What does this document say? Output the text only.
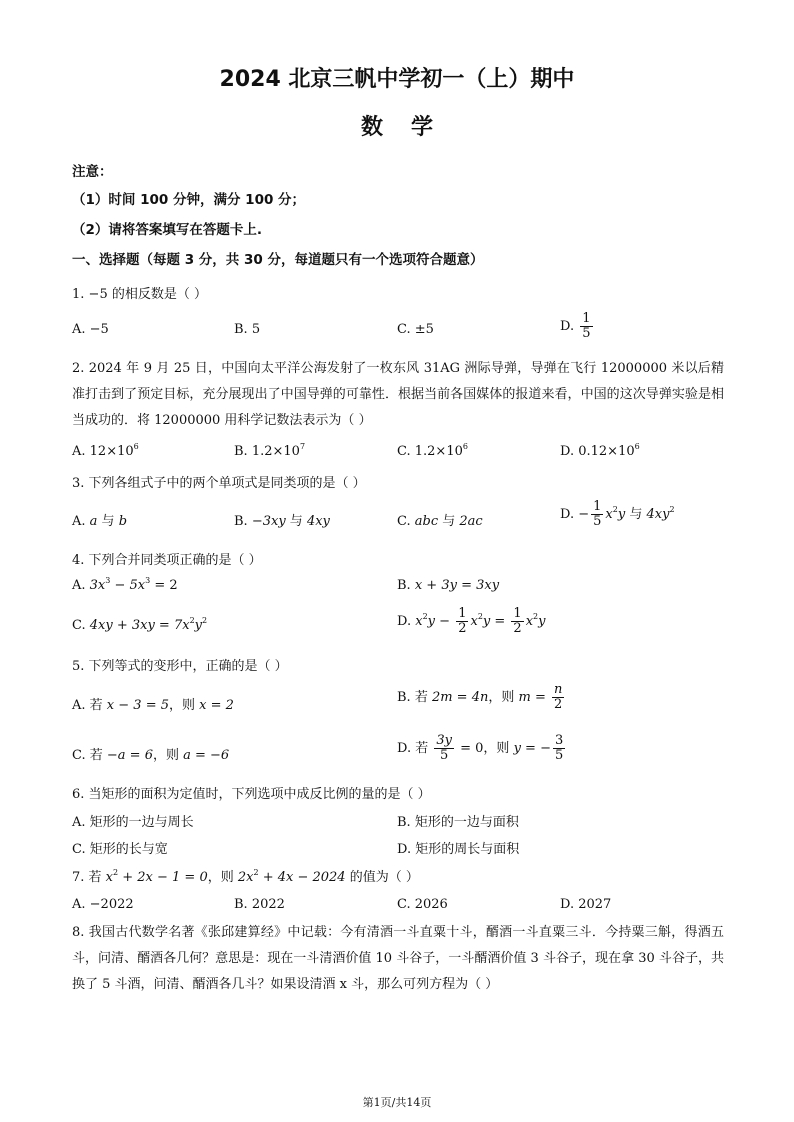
2024 北京三帆中学初一（上）期中
数学
注意：
（1）时间 100 分钟，满分 100 分；
（2）请将答案填写在答题卡上.
一、选择题（每题 3 分，共 30 分，每道题只有一个选项符合题意）
1. −5 的相反数是（ ）
A. −5	B. 5	C. ±5	D. $\frac{1}{5}$
2. 2024 年 9 月 25 日，中国向太平洋公海发射了一枚东风 31AG 洲际导弹，导弹在飞行 12000000 米以后精准打击到了预定目标，充分展现出了中国导弹的可靠性．根据当前各国媒体的报道来看，中国的这次导弹实验是相当成功的．将 12000000 用科学记数法表示为（ ）
A. $12\times 10^6$	B. $1.2\times 10^7$	C. $1.2\times 10^6$	D. $0.12\times 10^6$
3. 下列各组式子中的两个单项式是同类项的是（ ）
A. a 与 b	B. −3xy 与 4xy	C. abc 与 2ac	D. − $\frac{1}{5} x^2y$ 与 $4xy^2$
4. 下列合并同类项正确的是（ ）
A. $3x^3 - 5x^3 = 2$	B. x + 3y = 3xy
C. $4xy + 3xy = 7x^2y^2$	D. $x^2y - \frac{1}{2} x^2y = \frac{1}{2} x^2y$
5. 下列等式的变形中，正确的是（ ）
A. 若 x − 3 = 5，则 x = 2
B. 若 2m = 4n，则 $m = \frac{n}{2}$
C. 若 −a = 6，则 a = −6	D. 若 $\frac{3y}{5} = 0$，则 y = − $\frac{3}{5}$
6. 当矩形的面积为定值时，下列选项中成反比例的量的是（ ）
A. 矩形的一边与周长	B. 矩形的一边与面积
C. 矩形的长与宽	D. 矩形的周长与面积
7. 若 $x^2 + 2x - 1 = 0$，则 $2x^2 + 4x - 2024$ 的值为（ ）
A. −2022	B. 2022	C. 2026	D. 2027
8. 我国古代数学名著《张邱建算经》中记载：今有清酒一斗直粟十斗，醑酒一斗直粟三斗．今持粟三斛，得酒五斗，问清、醑酒各几何？意思是：现在一斗清酒价值 10 斗谷子，一斗醑酒价值 3 斗谷子，现在拿 30 斗谷子，共换了 5 斗酒，问清、醑酒各几斗？如果设清酒 x 斗，那么可列方程为（ ）
第1页/共14页
